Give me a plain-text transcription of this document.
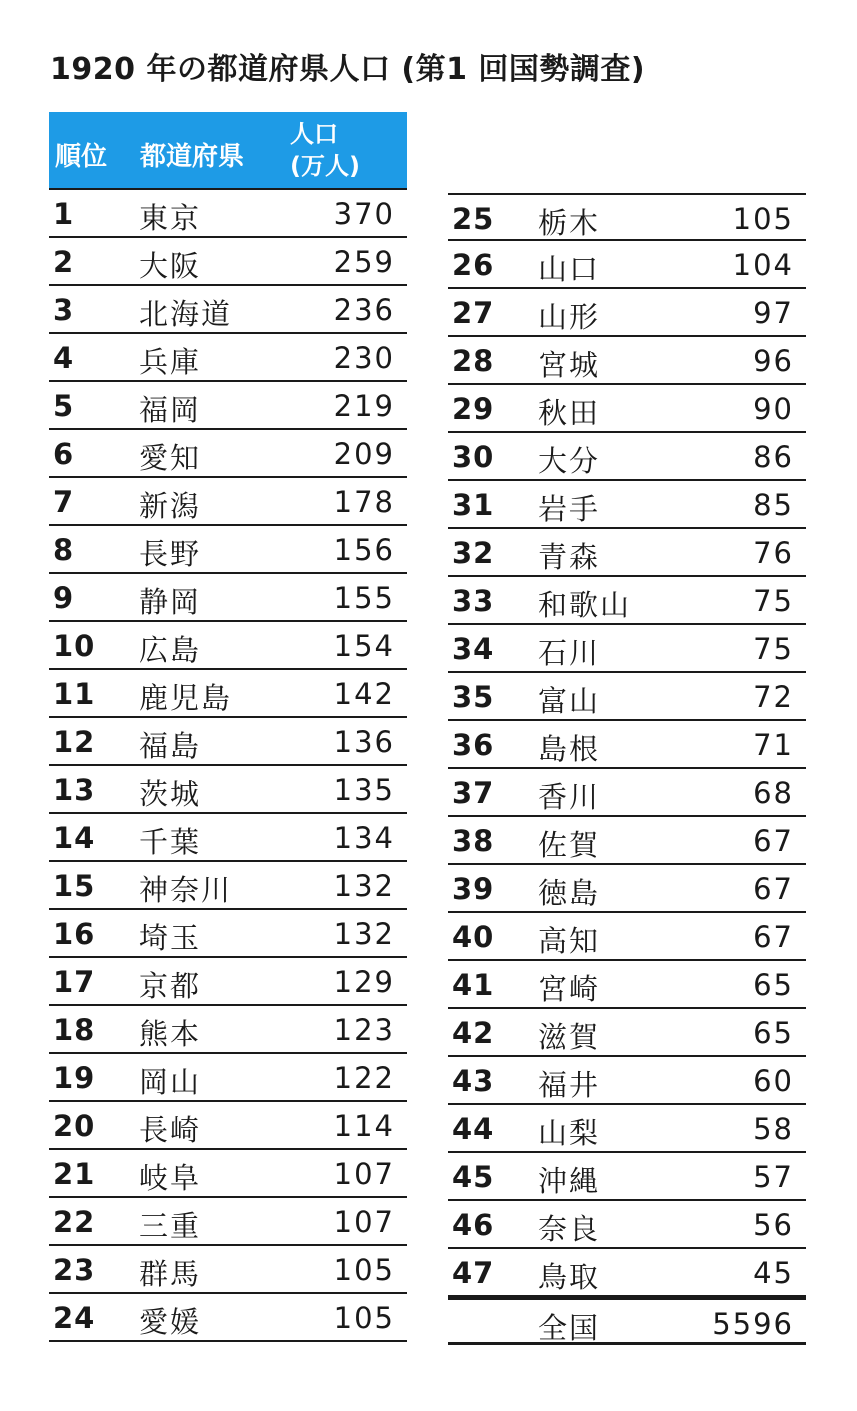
1920 年の都道府県人口 (第1 回国勢調査)
順位 都道府県
人口
(万人)
1 東京	370
2 大阪	259
3 北海道	236
4 兵庫	230
5 福岡	219
6 愛知	209
7 新潟	178
8 長野	156
9 静岡	155
10 広島	154
11 鹿児島	142
12 福島	136
13 茨城	135
14 千葉	134
15 神奈川	132
16 埼玉	132
17 京都	129
18 熊本	123
19 岡山	122
20 長崎	114
21 岐阜	107
22 三重	107
23 群馬	105
24 愛媛	105
25 栃木	105
26 山口	104
27 山形	97
28 宮城	96
29 秋田	90
30 大分	86
31 岩手	85
32 青森	76
33 和歌山	75
34 石川	75
35 富山	72
36 島根	71
37 香川	68
38 佐賀	67
39 徳島	67
40 高知	67
41 宮崎	65
42 滋賀	65
43 福井	60
44 山梨	58
45 沖縄	57
46 奈良	56
47 鳥取	45
全国	5596
